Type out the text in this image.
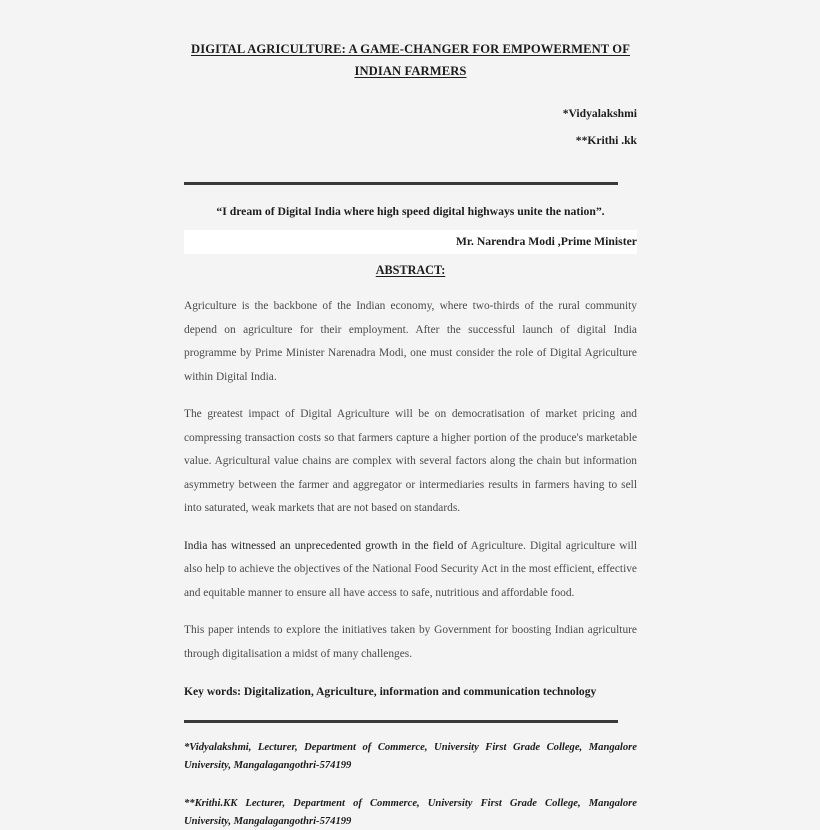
DIGITAL AGRICULTURE: A GAME-CHANGER FOR EMPOWERMENT OF
INDIAN FARMERS
*Vidyalakshmi
**Krithi .kk

“I dream of Digital India where high speed digital highways unite the nation”.

Mr. Narendra Modi ,Prime Minister

ABSTRACT:

Agriculture is the backbone of the Indian economy, where two-thirds of the rural community depend on agriculture for their employment. After the successful launch of digital India programme by Prime Minister Narenadra Modi, one must consider the role of Digital Agriculture within Digital India.

The greatest impact of Digital Agriculture will be on democratisation of market pricing and compressing transaction costs so that farmers capture a higher portion of the produce's marketable value. Agricultural value chains are complex with several factors along the chain but information asymmetry between the farmer and aggregator or intermediaries results in farmers having to sell into saturated, weak markets that are not based on standards.

India has witnessed an unprecedented growth in the field of Agriculture. Digital agriculture will also help to achieve the objectives of the National Food Security Act in the most efficient, effective and equitable manner to ensure all have access to safe, nutritious and affordable food.

This paper intends to explore the initiatives taken by Government for boosting Indian agriculture through digitalisation a midst of many challenges.

Key words: Digitalization, Agriculture, information and communication technology

*Vidyalakshmi, Lecturer, Department of Commerce, University First Grade College, Mangalore University, Mangalagangothri-574199

**Krithi.KK Lecturer, Department of Commerce, University First Grade College, Mangalore University, Mangalagangothri-574199
